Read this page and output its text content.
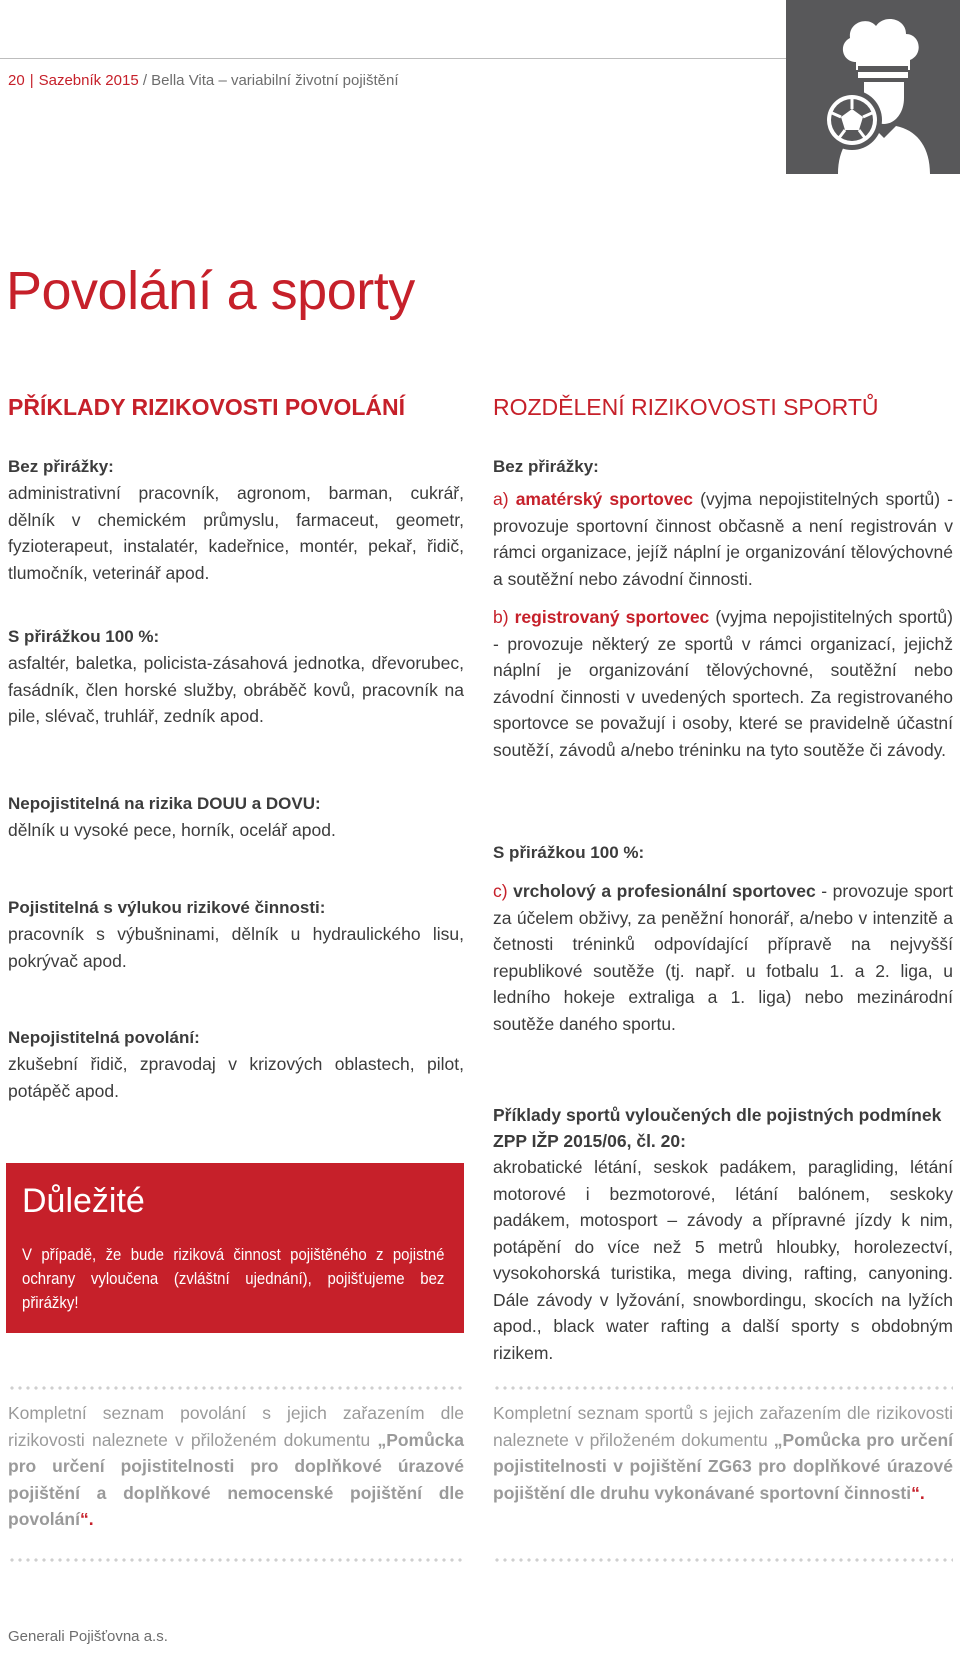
20 | Sazebník 2015 / Bella Vita – variabilní životní pojištění
Povolání a sporty
PŘÍKLADY RIZIKOVOSTI POVOLÁNÍ
Bez přirážky:
administrativní pracovník, agronom, barman, cukrář, dělník v chemickém průmyslu, farmaceut, geometr, fyzioterapeut, instalatér, kadeřnice, montér, pekař, řidič, tlumočník, veterinář apod.
S přirážkou 100 %:
asfaltér, baletka, policista-zásahová jednotka, dřevorubec, fasádník, člen horské služby, obráběč kovů, pracovník na pile, slévač, truhlář, zedník apod.
Nepojistitelná na rizika DOUU a DOVU:
dělník u vysoké pece, horník, ocelář apod.
Pojistitelná s výlukou rizikové činnosti:
pracovník s výbušninami, dělník u hydraulického lisu, pokrývač apod.
Nepojistitelná povolání:
zkušební řidič, zpravodaj v krizových oblastech, pilot, potápěč apod.
Důležité
V případě, že bude riziková činnost pojištěného z pojistné ochrany vyloučena (zvláštní ujednání), pojišťujeme bez přirážky!
ROZDĚLENÍ RIZIKOVOSTI SPORTŮ
Bez přirážky:
a) amatérský sportovec (vyjma nepojistitelných sportů) - provozuje sportovní činnost občasně a není registrován v rámci organizace, jejíž náplní je organizování tělovýchovné a soutěžní nebo závodní činnosti.
b) registrovaný sportovec (vyjma nepojistitelných sportů) - provozuje některý ze sportů v rámci organizací, jejichž náplní je organizování tělovýchovné, soutěžní nebo závodní činnosti v uvedených sportech. Za registrovaného sportovce se považují i osoby, které se pravidelně účastní soutěží, závodů a/nebo tréninku na tyto soutěže či závody.
S přirážkou 100 %:
c) vrcholový a profesionální sportovec - provozuje sport za účelem obživy, za peněžní honorář, a/nebo v intenzitě a četnosti tréninků odpovídající přípravě na nejvyšší republikové soutěže (tj. např. u fotbalu 1. a 2. liga, u ledního hokeje extraliga a 1. liga) nebo mezinárodní soutěže daného sportu.
Příklady sportů vyloučených dle pojistných podmínek ZPP IŽP 2015/06, čl. 20:
akrobatické létání, seskok padákem, paragliding, létání motorové i bezmotorové, létání balónem, seskoky padákem, motosport – závody a přípravné jízdy k nim, potápění do více než 5 metrů hloubky, horolezectví, vysokohorská turistika, mega diving, rafting, canyoning. Dále závody v lyžování, snowbordingu, skocích na lyžích apod., black water rafting a další sporty s obdobným rizikem.
Kompletní seznam povolání s jejich zařazením dle rizikovosti naleznete v přiloženém dokumentu „Pomůcka pro určení pojistitelnosti pro doplňkové úrazové pojištění a doplňkové nemocenské pojištění dle povolání“.
Kompletní seznam sportů s jejich zařazením dle rizikovosti naleznete v přiloženém dokumentu „Pomůcka pro určení pojistitelnosti v pojištění ZG63 pro doplňkové úrazové pojištění dle druhu vykonávané sportovní činnosti“.
Generali Pojišťovna a.s.
